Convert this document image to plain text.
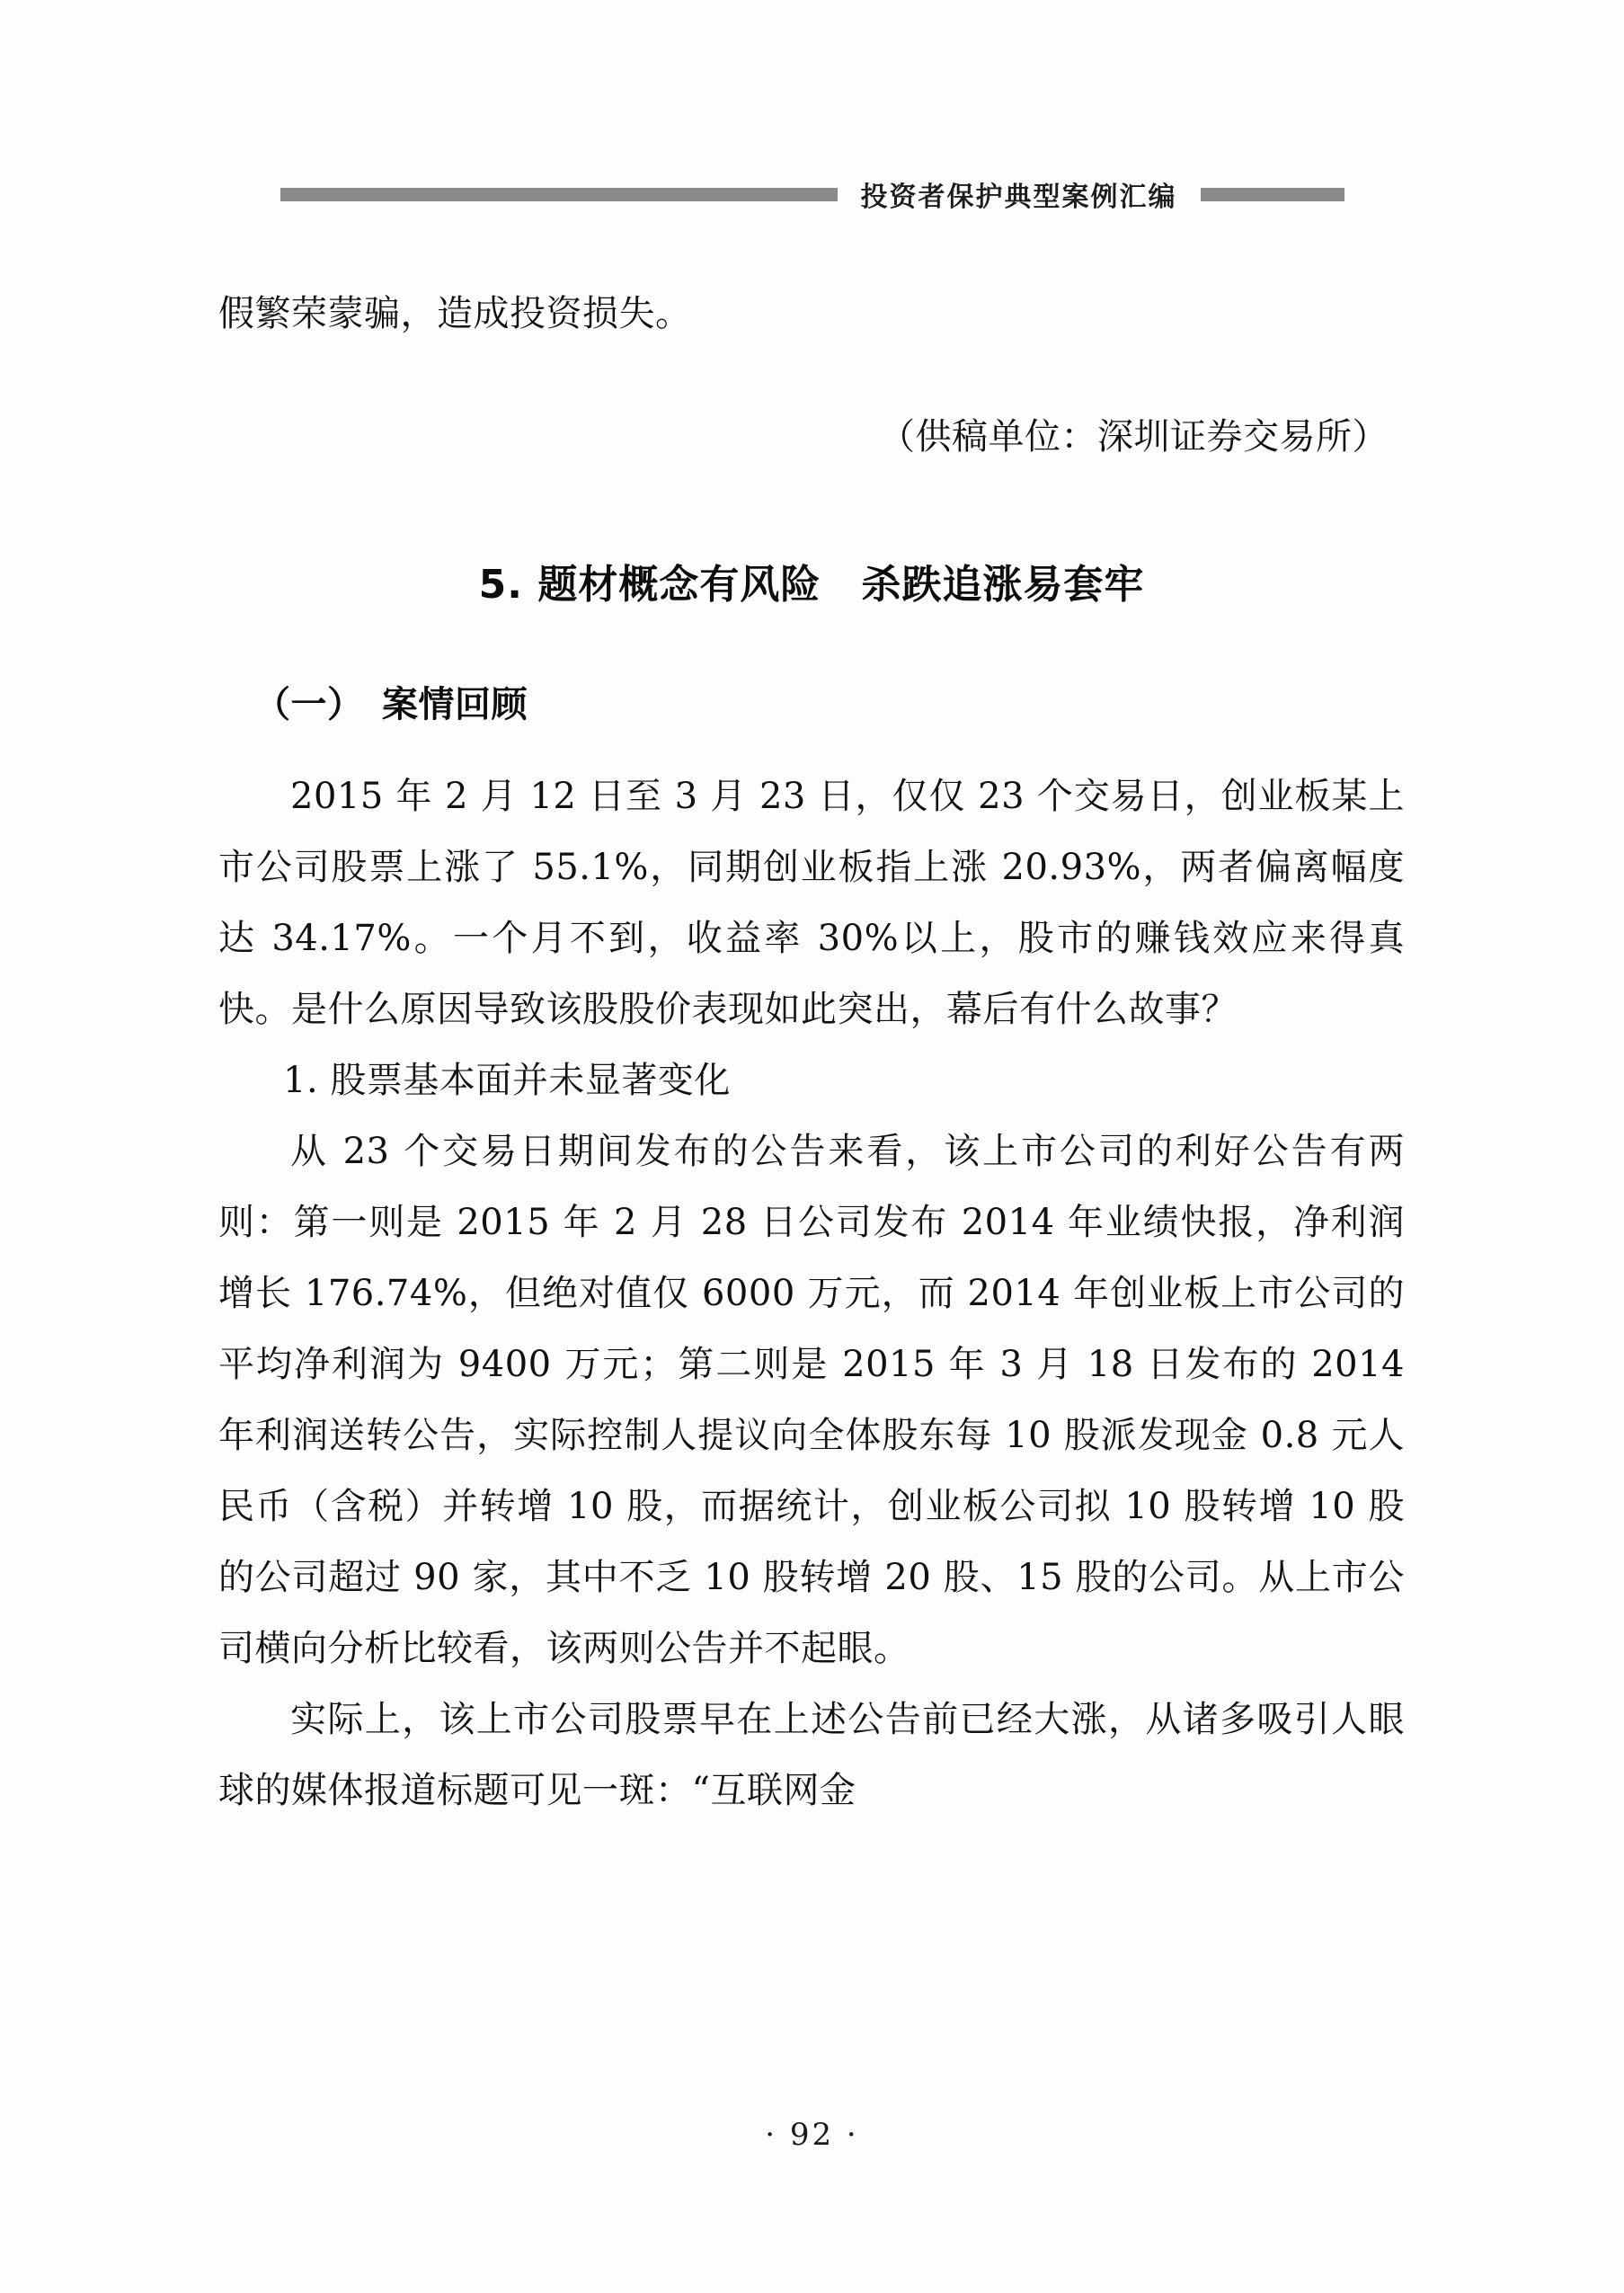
投资者保护典型案例汇编

假繁荣蒙骗，造成投资损失。

（供稿单位：深圳证券交易所）

5. 题材概念有风险　杀跌追涨易套牢
（一）　案情回顾

2015 年 2 月 12 日至 3 月 23 日，仅仅 23 个交易日，创业板某上市公司股票上涨了 55.1%，同期创业板指上涨 20.93%，两者偏离幅度达 34.17%。一个月不到，收益率 30%以上，股市的赚钱效应来得真快。是什么原因导致该股股价表现如此突出，幕后有什么故事？

1. 股票基本面并未显著变化

从 23 个交易日期间发布的公告来看，该上市公司的利好公告有两则：第一则是 2015 年 2 月 28 日公司发布 2014 年业绩快报，净利润增长 176.74%，但绝对值仅 6000 万元，而 2014 年创业板上市公司的平均净利润为 9400 万元；第二则是 2015 年 3 月 18 日发布的 2014 年利润送转公告，实际控制人提议向全体股东每 10 股派发现金 0.8 元人民币（含税）并转增 10 股，而据统计，创业板公司拟 10 股转增 10 股的公司超过 90 家，其中不乏 10 股转增 20 股、15 股的公司。从上市公司横向分析比较看，该两则公告并不起眼。

实际上，该上市公司股票早在上述公告前已经大涨，从诸多吸引人眼球的媒体报道标题可见一斑：“互联网金

· 92 ·
